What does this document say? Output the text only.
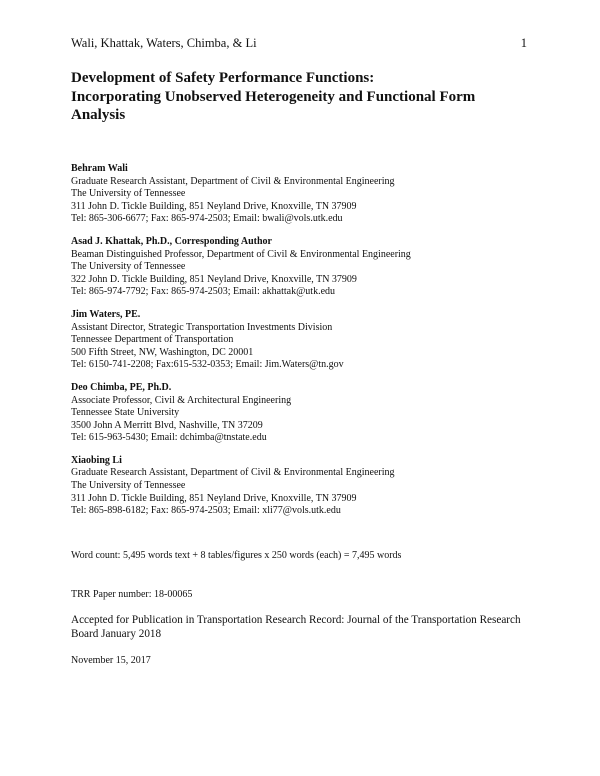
Wali, Khattak, Waters, Chimba, & Li	1
Development of Safety Performance Functions:
Incorporating Unobserved Heterogeneity and Functional Form
Analysis
Behram Wali
Graduate Research Assistant, Department of Civil & Environmental Engineering
The University of Tennessee
311 John D. Tickle Building, 851 Neyland Drive, Knoxville, TN 37909
Tel: 865-306-6677; Fax: 865-974-2503; Email: bwali@vols.utk.edu
Asad J. Khattak, Ph.D., Corresponding Author
Beaman Distinguished Professor, Department of Civil & Environmental Engineering
The University of Tennessee
322 John D. Tickle Building, 851 Neyland Drive, Knoxville, TN 37909
Tel: 865-974-7792; Fax: 865-974-2503; Email: akhattak@utk.edu
Jim Waters, PE.
Assistant Director, Strategic Transportation Investments Division
Tennessee Department of Transportation
500 Fifth Street, NW, Washington, DC 20001
Tel: 6150-741-2208; Fax:615-532-0353; Email: Jim.Waters@tn.gov
Deo Chimba, PE, Ph.D.
Associate Professor, Civil & Architectural Engineering
Tennessee State University
3500 John A Merritt Blvd, Nashville, TN 37209
Tel: 615-963-5430; Email: dchimba@tnstate.edu
Xiaobing Li
Graduate Research Assistant, Department of Civil & Environmental Engineering
The University of Tennessee
311 John D. Tickle Building, 851 Neyland Drive, Knoxville, TN 37909
Tel: 865-898-6182; Fax: 865-974-2503; Email: xli77@vols.utk.edu
Word count: 5,495 words text + 8 tables/figures x 250 words (each) = 7,495 words
TRR Paper number: 18-00065
Accepted for Publication in Transportation Research Record: Journal of the Transportation Research Board January 2018
November 15, 2017
